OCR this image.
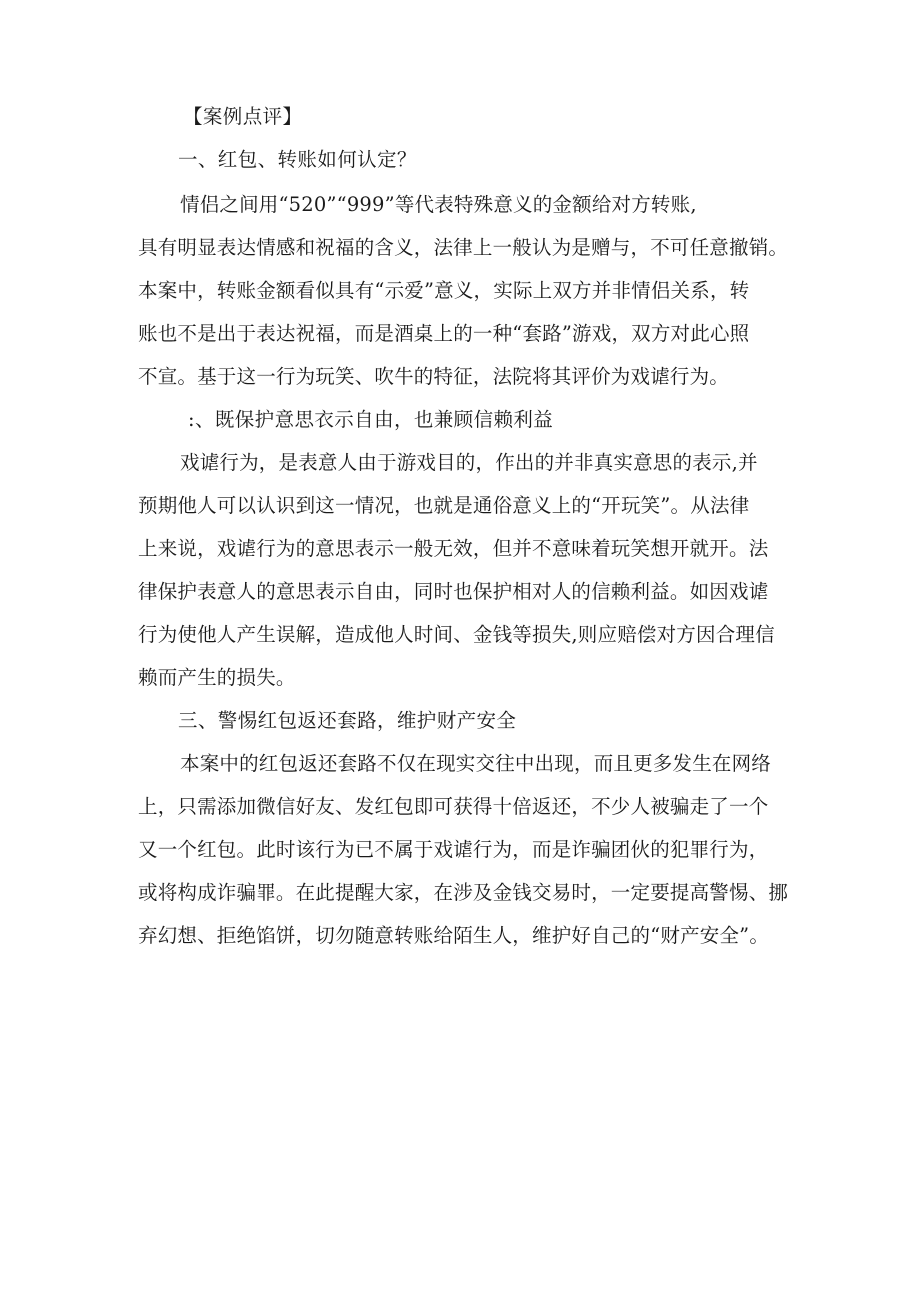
【案例点评】
一、红包、转账如何认定？
情侣之间用“520”“999”等代表特殊意义的金额给对方转账,
具有明显表达情感和祝福的含义，法律上一般认为是赠与，不可任意撤销。
本案中，转账金额看似具有“示爱”意义，实际上双方并非情侣关系，转
账也不是出于表达祝福，而是酒桌上的一种“套路”游戏，双方对此心照
不宣。基于这一行为玩笑、吹牛的特征，法院将其评价为戏谑行为。
:、既保护意思衣示自由，也兼顾信赖利益
戏谑行为，是表意人由于游戏目的，作出的并非真实意思的表示,并
预期他人可以认识到这一情况，也就是通俗意义上的“开玩笑”。从法律
上来说，戏谑行为的意思表示一般无效，但并不意味着玩笑想开就开。法
律保护表意人的意思表示自由，同时也保护相对人的信赖利益。如因戏谑
行为使他人产生误解，造成他人时间、金钱等损失,则应赔偿对方因合理信
赖而产生的损失。
三、警惕红包返还套路，维护财产安全
本案中的红包返还套路不仅在现实交往中出现，而且更多发生在网络
上，只需添加微信好友、发红包即可获得十倍返还，不少人被骗走了一个
又一个红包。此时该行为已不属于戏谑行为，而是诈骗团伙的犯罪行为，
或将构成诈骗罪。在此提醒大家，在涉及金钱交易时，一定要提高警惕、挪
弃幻想、拒绝馅饼，切勿随意转账给陌生人，维护好自己的“财产安全”。
